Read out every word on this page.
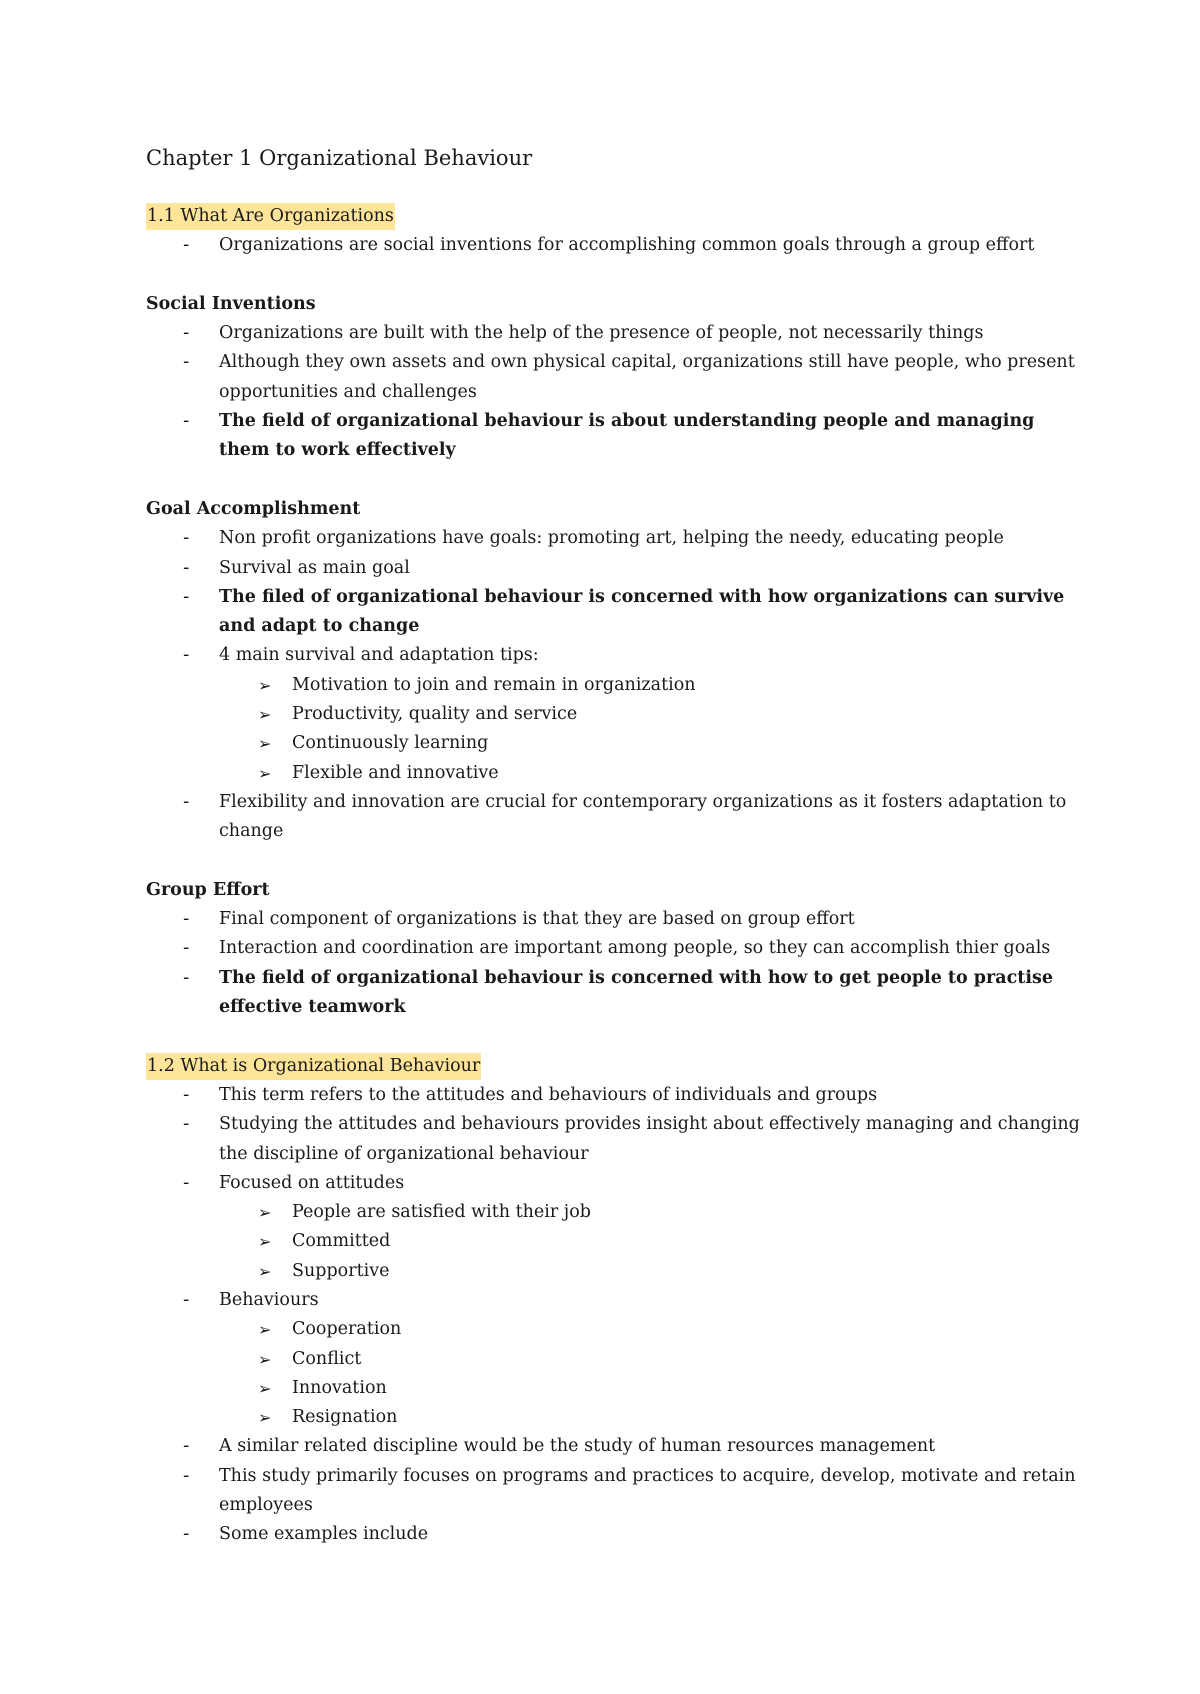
Chapter 1 Organizational Behaviour
1.1 What Are Organizations
- Organizations are social inventions for accomplishing common goals through a group effort
Social Inventions
- Organizations are built with the help of the presence of people, not necessarily things
- Although they own assets and own physical capital, organizations still have people, who present opportunities and challenges
- The field of organizational behaviour is about understanding people and managing them to work effectively
Goal Accomplishment
- Non profit organizations have goals: promoting art, helping the needy, educating people
- Survival as main goal
- The filed of organizational behaviour is concerned with how organizations can survive and adapt to change
- 4 main survival and adaptation tips:
➢ Motivation to join and remain in organization
➢ Productivity, quality and service
➢ Continuously learning
➢ Flexible and innovative
- Flexibility and innovation are crucial for contemporary organizations as it fosters adaptation to change
Group Effort
- Final component of organizations is that they are based on group effort
- Interaction and coordination are important among people, so they can accomplish thier goals
- The field of organizational behaviour is concerned with how to get people to practise effective teamwork
1.2 What is Organizational Behaviour
- This term refers to the attitudes and behaviours of individuals and groups
- Studying the attitudes and behaviours provides insight about effectively managing and changing the discipline of organizational behaviour
- Focused on attitudes
➢ People are satisfied with their job
➢ Committed
➢ Supportive
- Behaviours
➢ Cooperation
➢ Conflict
➢ Innovation
➢ Resignation
- A similar related discipline would be the study of human resources management
- This study primarily focuses on programs and practices to acquire, develop, motivate and retain employees
- Some examples include
